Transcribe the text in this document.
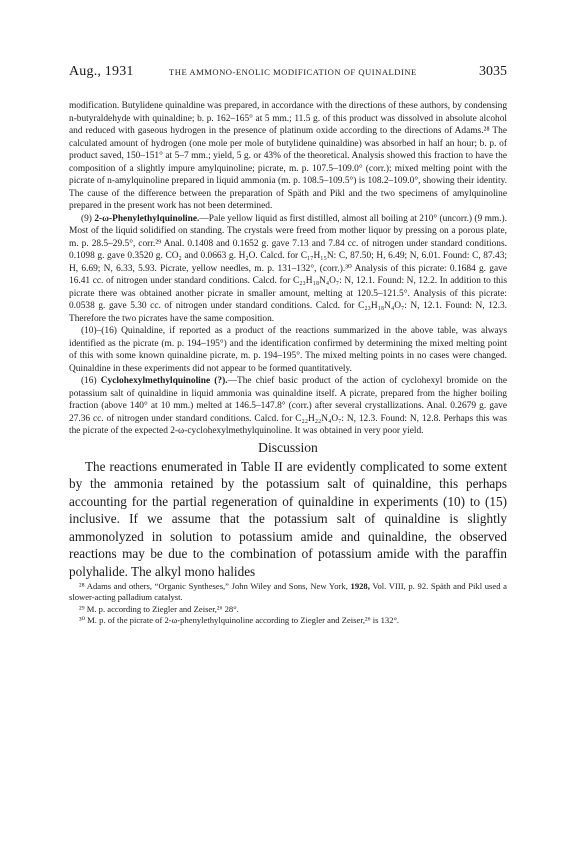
Aug., 1931	THE AMMONO-ENOLIC MODIFICATION OF QUINALDINE	3035

modification. Butylidene quinaldine was prepared, in accordance with the directions of these authors, by condensing n-butyraldehyde with quinaldine; b. p. 162–165° at 5 mm.; 11.5 g. of this product was dissolved in absolute alcohol and reduced with gaseous hydrogen in the presence of platinum oxide according to the directions of Adams.²⁸ The calculated amount of hydrogen (one mole per mole of butylidene quinaldine) was absorbed in half an hour; b. p. of product saved, 150–151° at 5–7 mm.; yield, 5 g. or 43% of the theoretical. Analysis showed this fraction to have the composition of a slightly impure amylquinoline; picrate, m. p. 107.5–109.0° (corr.); mixed melting point with the picrate of n-amylquinoline prepared in liquid ammonia (m. p. 108.5–109.5°) is 108.2–109.0°, showing their identity. The cause of the difference between the preparation of Späth and Pikl and the two specimens of amylquinoline prepared in the present work has not been determined.

(9) 2-ω-Phenylethylquinoline.—Pale yellow liquid as first distilled, almost all boiling at 210° (uncorr.) (9 mm.). Most of the liquid solidified on standing. The crystals were freed from mother liquor by pressing on a porous plate, m. p. 28.5–29.5°, corr.²⁹ Anal. 0.1408 and 0.1652 g. gave 7.13 and 7.84 cc. of nitrogen under standard conditions. 0.1098 g. gave 0.3520 g. CO₂ and 0.0663 g. H₂O. Calcd. for C₁₇H₁₅N: C, 87.50; H, 6.49; N, 6.01. Found: C, 87.43; H, 6.69; N, 6.33, 5.93. Picrate, yellow needles, m. p. 131–132°, (corr.).³⁰ Analysis of this picrate: 0.1684 g. gave 16.41 cc. of nitrogen under standard conditions. Calcd. for C₂₃H₁₈N₄O₇: N, 12.1. Found: N, 12.2. In addition to this picrate there was obtained another picrate in smaller amount, melting at 120.5–121.5°. Analysis of this picrate: 0.0538 g. gave 5.30 cc. of nitrogen under standard conditions. Calcd. for C₂₃H₁₈N₄O₇: N, 12.1. Found: N, 12.3. Therefore the two picrates have the same composition.

(10)–(16) Quinaldine, if reported as a product of the reactions summarized in the above table, was always identified as the picrate (m. p. 194–195°) and the identification confirmed by determining the mixed melting point of this with some known quinaldine picrate, m. p. 194–195°. The mixed melting points in no cases were changed. Quinaldine in these experiments did not appear to be formed quantitatively.

(16) Cyclohexylmethylquinoline (?).—The chief basic product of the action of cyclohexyl bromide on the potassium salt of quinaldine in liquid ammonia was quinaldine itself. A picrate, prepared from the higher boiling fraction (above 140° at 10 mm.) melted at 146.5–147.8° (corr.) after several crystallizations. Anal. 0.2679 g. gave 27.36 cc. of nitrogen under standard conditions. Calcd. for C₂₂H₂₂N₄O₇: N, 12.3. Found: N, 12.8. Perhaps this was the picrate of the expected 2-ω-cyclohexylmethylquinoline. It was obtained in very poor yield.

Discussion

The reactions enumerated in Table II are evidently complicated to some extent by the ammonia retained by the potassium salt of quinaldine, this perhaps accounting for the partial regeneration of quinaldine in experiments (10) to (15) inclusive. If we assume that the potassium salt of quinaldine is slightly ammonolyzed in solution to potassium amide and quinaldine, the observed reactions may be due to the combination of potassium amide with the paraffin polyhalide. The alkyl mono halides

²⁸ Adams and others, “Organic Syntheses,” John Wiley and Sons, New York, 1928, Vol. VIII, p. 92. Späth and Pikl used a slower-acting palladium catalyst.

²⁹ M. p. according to Ziegler and Zeiser,²⁶ 28°.

³⁰ M. p. of the picrate of 2-ω-phenylethylquinoline according to Ziegler and Zeiser,²⁶ is 132°.
